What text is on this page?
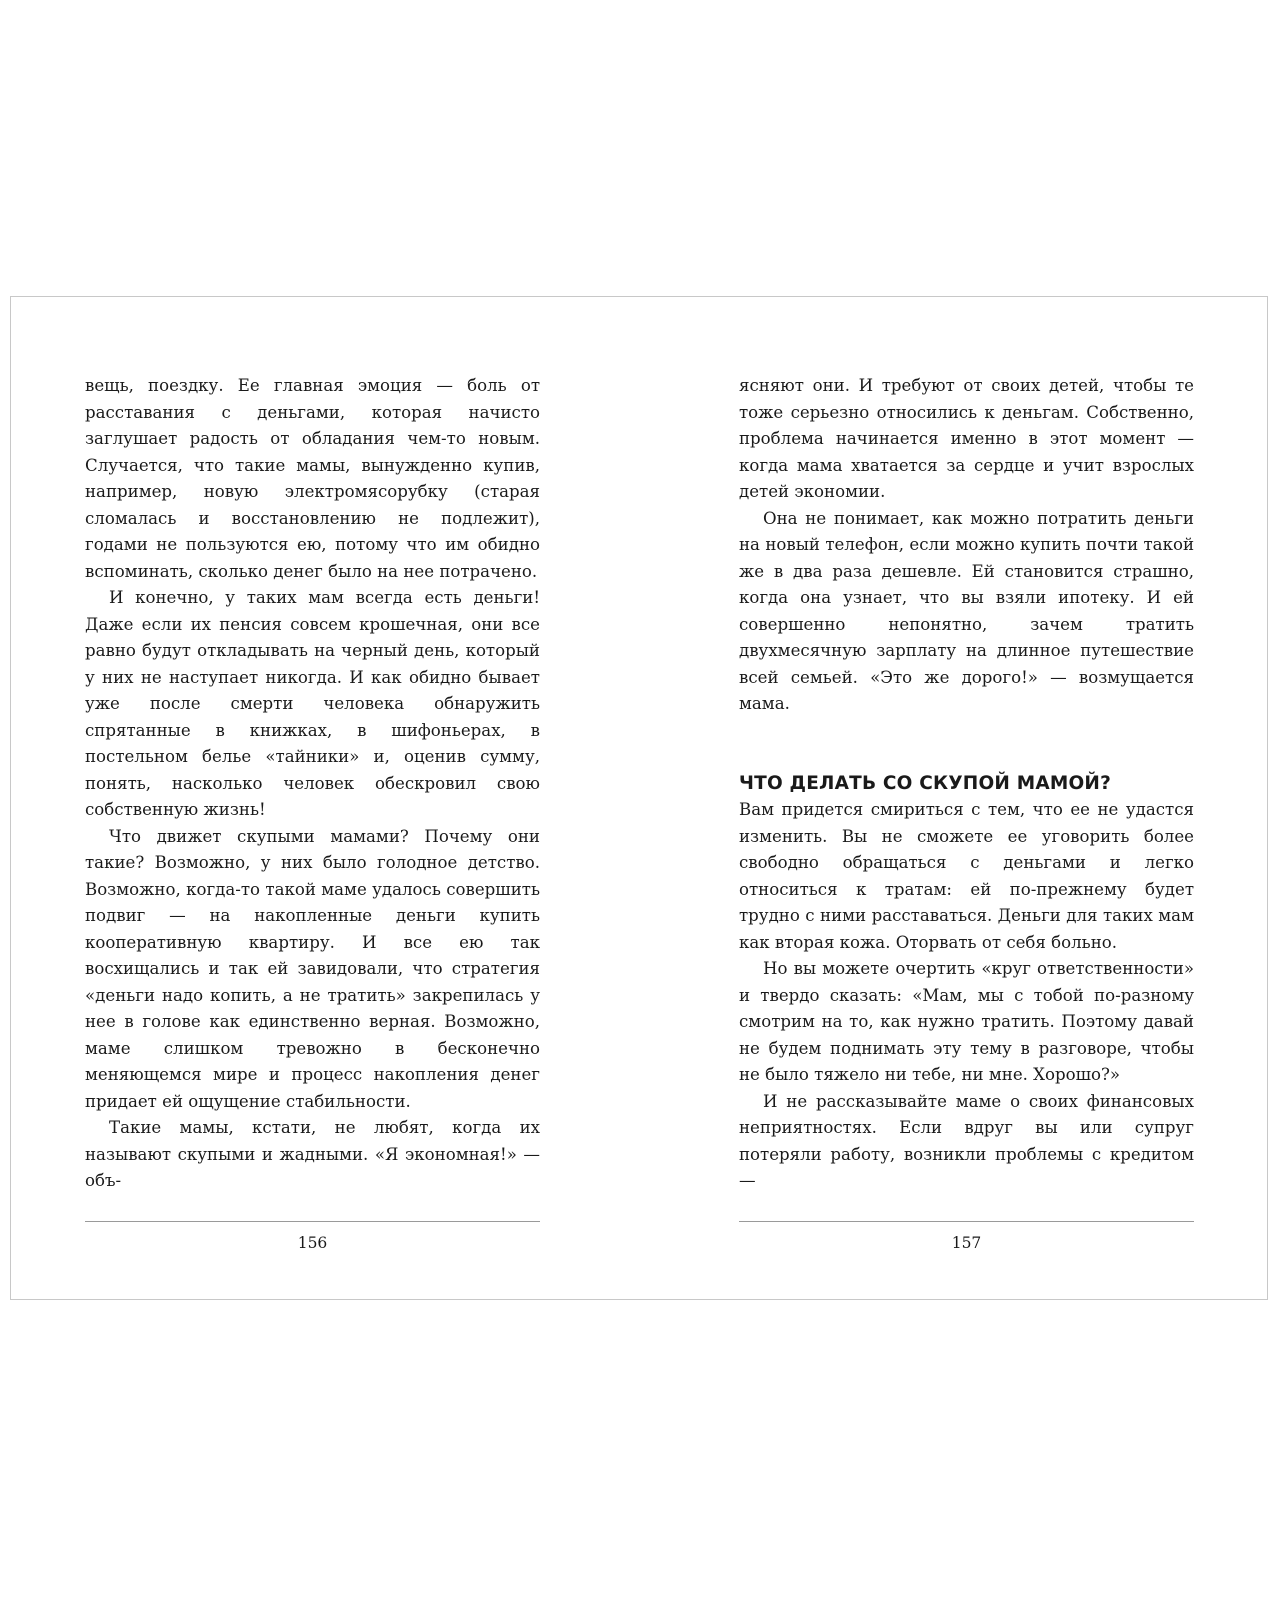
вещь, поездку. Ее главная эмоция — боль от расставания с деньгами, которая начисто заглушает радость от обладания чем-то новым. Случается, что такие мамы, вынужденно купив, например, новую электромясорубку (старая сломалась и восстановлению не подлежит), годами не пользуются ею, потому что им обидно вспоминать, сколько денег было на нее потрачено.

И конечно, у таких мам всегда есть деньги! Даже если их пенсия совсем крошечная, они все равно будут откладывать на черный день, который у них не наступает никогда. И как обидно бывает уже после смерти человека обнаружить спрятанные в книжках, в шифоньерах, в постельном белье «тайники» и, оценив сумму, понять, насколько человек обескровил свою собственную жизнь!

Что движет скупыми мамами? Почему они такие? Возможно, у них было голодное детство. Возможно, когда-то такой маме удалось совершить подвиг — на накопленные деньги купить кооперативную квартиру. И все ею так восхищались и так ей завидовали, что стратегия «деньги надо копить, а не тратить» закрепилась у нее в голове как единственно верная. Возможно, маме слишком тревожно в бесконечно меняющемся мире и процесс накопления денег придает ей ощущение стабильности.

Такие мамы, кстати, не любят, когда их называют скупыми и жадными. «Я экономная!» — объ-

ясняют они. И требуют от своих детей, чтобы те тоже серьезно относились к деньгам. Собственно, проблема начинается именно в этот момент — когда мама хватается за сердце и учит взрослых детей экономии.

Она не понимает, как можно потратить деньги на новый телефон, если можно купить почти такой же в два раза дешевле. Ей становится страшно, когда она узнает, что вы взяли ипотеку. И ей совершенно непонятно, зачем тратить двухмесячную зарплату на длинное путешествие всей семьей. «Это же дорого!» — возмущается мама.

ЧТО ДЕЛАТЬ СО СКУПОЙ МАМОЙ?

Вам придется смириться с тем, что ее не удастся изменить. Вы не сможете ее уговорить более свободно обращаться с деньгами и легко относиться к тратам: ей по-прежнему будет трудно с ними расставаться. Деньги для таких мам как вторая кожа. Оторвать от себя больно.

Но вы можете очертить «круг ответственности» и твердо сказать: «Мам, мы с тобой по-разному смотрим на то, как нужно тратить. Поэтому давай не будем поднимать эту тему в разговоре, чтобы не было тяжело ни тебе, ни мне. Хорошо?»

И не рассказывайте маме о своих финансовых неприятностях. Если вдруг вы или супруг потеряли работу, возникли проблемы с кредитом —

156	157
